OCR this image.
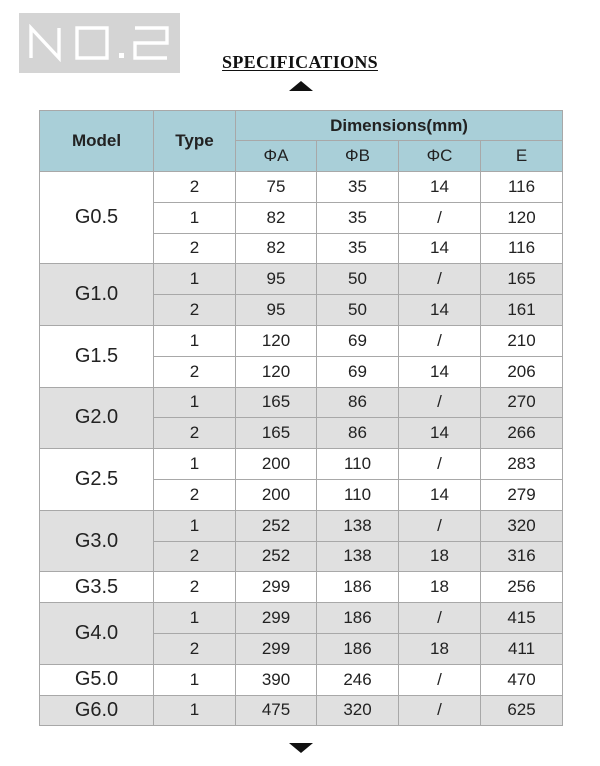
SPECIFICATIONS
Model	Type	Dimensions(mm)			
		ΦA	ΦB	ΦC	E
G0.5	2	75	35	14	116
	1	82	35	/	120
	2	82	35	14	116
G1.0	1	95	50	/	165
	2	95	50	14	161
G1.5	1	120	69	/	210
	2	120	69	14	206
G2.0	1	165	86	/	270
	2	165	86	14	266
G2.5	1	200	110	/	283
	2	200	110	14	279
G3.0	1	252	138	/	320
	2	252	138	18	316
G3.5	2	299	186	18	256
G4.0	1	299	186	/	415
	2	299	186	18	411
G5.0	1	390	246	/	470
G6.0	1	475	320	/	625
